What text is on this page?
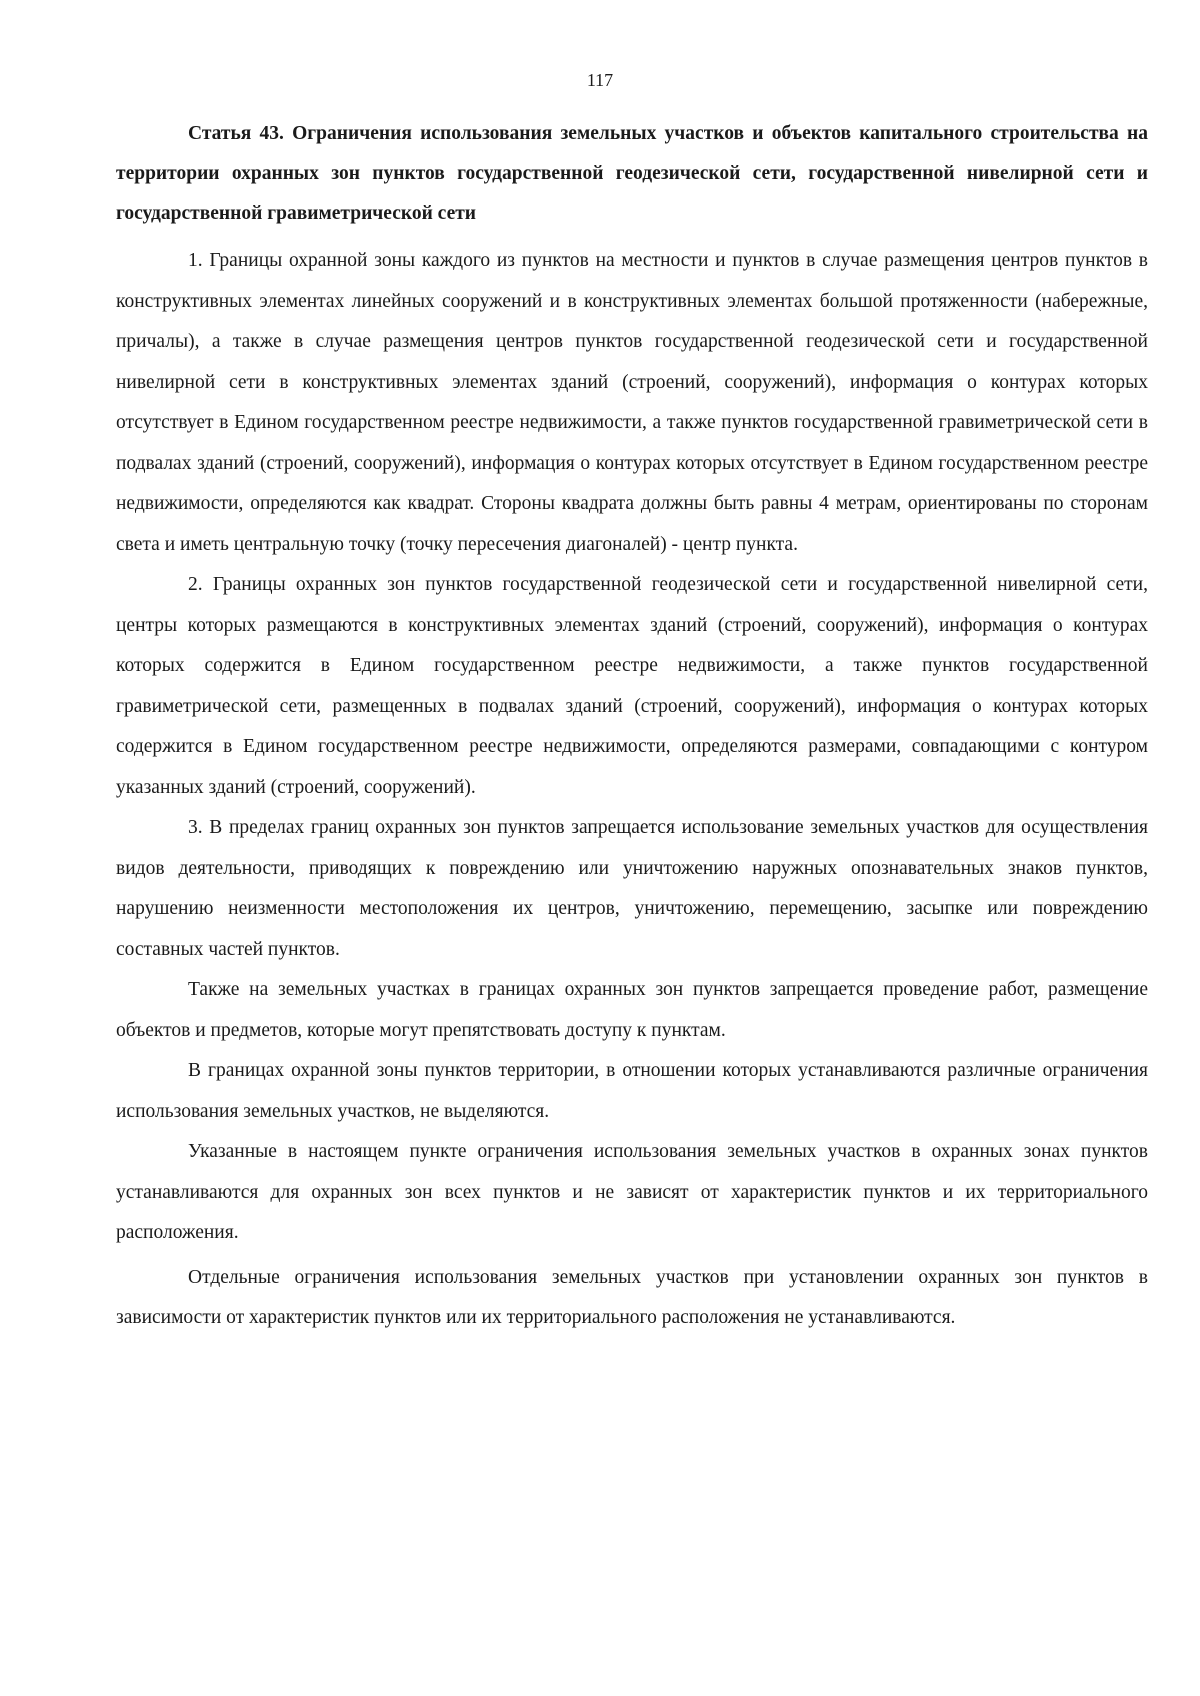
117

Статья 43. Ограничения использования земельных участков и объектов капитального строительства на территории охранных зон пунктов государственной геодезической сети, государственной нивелирной сети и государственной гравиметрической сети

1. Границы охранной зоны каждого из пунктов на местности и пунктов в случае размещения центров пунктов в конструктивных элементах линейных сооружений и в конструктивных элементах большой протяженности (набережные, причалы), а также в случае размещения центров пунктов государственной геодезической сети и государственной нивелирной сети в конструктивных элементах зданий (строений, сооружений), информация о контурах которых отсутствует в Едином государственном реестре недвижимости, а также пунктов государственной гравиметрической сети в подвалах зданий (строений, сооружений), информация о контурах которых отсутствует в Едином государственном реестре недвижимости, определяются как квадрат. Стороны квадрата должны быть равны 4 метрам, ориентированы по сторонам света и иметь центральную точку (точку пересечения диагоналей) - центр пункта.

2. Границы охранных зон пунктов государственной геодезической сети и государственной нивелирной сети, центры которых размещаются в конструктивных элементах зданий (строений, сооружений), информация о контурах которых содержится в Едином государственном реестре недвижимости, а также пунктов государственной гравиметрической сети, размещенных в подвалах зданий (строений, сооружений), информация о контурах которых содержится в Едином государственном реестре недвижимости, определяются размерами, совпадающими с контуром указанных зданий (строений, сооружений).

3. В пределах границ охранных зон пунктов запрещается использование земельных участков для осуществления видов деятельности, приводящих к повреждению или уничтожению наружных опознавательных знаков пунктов, нарушению неизменности местоположения их центров, уничтожению, перемещению, засыпке или повреждению составных частей пунктов.

Также на земельных участках в границах охранных зон пунктов запрещается проведение работ, размещение объектов и предметов, которые могут препятствовать доступу к пунктам.

В границах охранной зоны пунктов территории, в отношении которых устанавливаются различные ограничения использования земельных участков, не выделяются.

Указанные в настоящем пункте ограничения использования земельных участков в охранных зонах пунктов устанавливаются для охранных зон всех пунктов и не зависят от характеристик пунктов и их территориального расположения.

Отдельные ограничения использования земельных участков при установлении охранных зон пунктов в зависимости от характеристик пунктов или их территориального расположения не устанавливаются.
